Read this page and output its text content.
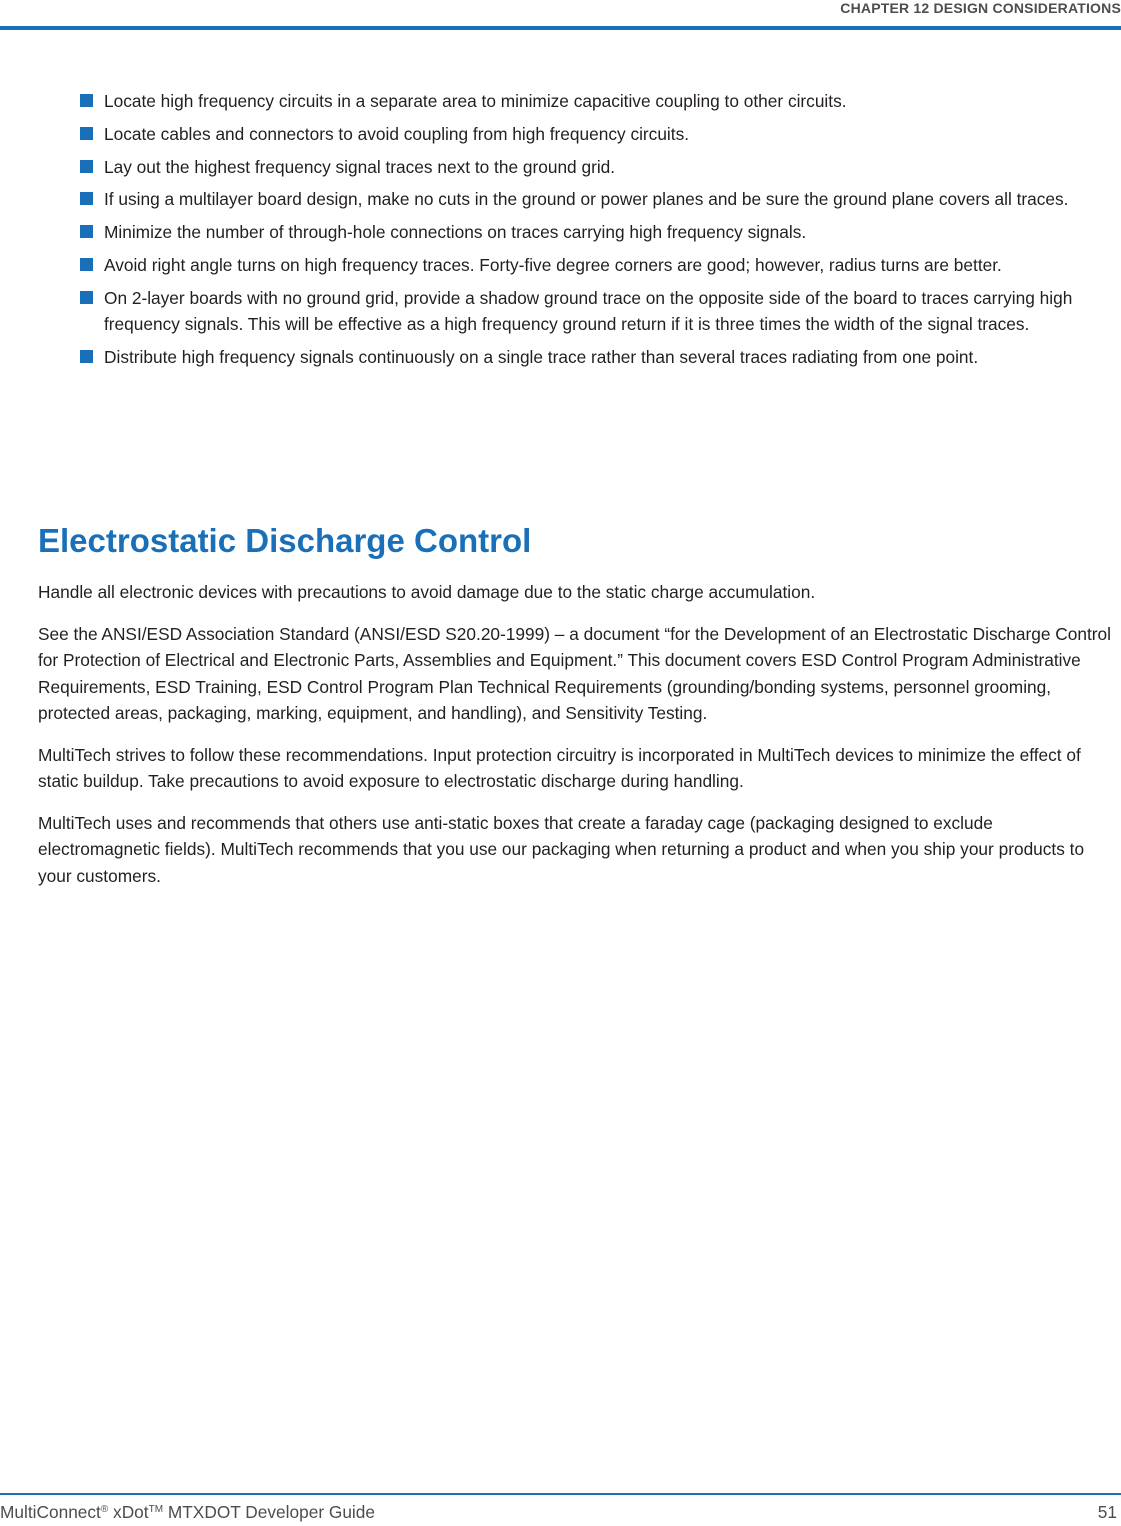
CHAPTER 12 DESIGN CONSIDERATIONS
Locate high frequency circuits in a separate area to minimize capacitive coupling to other circuits.
Locate cables and connectors to avoid coupling from high frequency circuits.
Lay out the highest frequency signal traces next to the ground grid.
If using a multilayer board design, make no cuts in the ground or power planes and be sure the ground plane covers all traces.
Minimize the number of through-hole connections on traces carrying high frequency signals.
Avoid right angle turns on high frequency traces. Forty-five degree corners are good; however, radius turns are better.
On 2-layer boards with no ground grid, provide a shadow ground trace on the opposite side of the board to traces carrying high frequency signals. This will be effective as a high frequency ground return if it is three times the width of the signal traces.
Distribute high frequency signals continuously on a single trace rather than several traces radiating from one point.
Electrostatic Discharge Control

Handle all electronic devices with precautions to avoid damage due to the static charge accumulation.

See the ANSI/ESD Association Standard (ANSI/ESD S20.20-1999) – a document “for the Development of an Electrostatic Discharge Control for Protection of Electrical and Electronic Parts, Assemblies and Equipment.” This document covers ESD Control Program Administrative Requirements, ESD Training, ESD Control Program Plan Technical Requirements (grounding/bonding systems, personnel grooming, protected areas, packaging, marking, equipment, and handling), and Sensitivity Testing.

MultiTech strives to follow these recommendations. Input protection circuitry is incorporated in MultiTech devices to minimize the effect of static buildup. Take precautions to avoid exposure to electrostatic discharge during handling.

MultiTech uses and recommends that others use anti-static boxes that create a faraday cage (packaging designed to exclude electromagnetic fields). MultiTech recommends that you use our packaging when returning a product and when you ship your products to your customers.

MultiConnect® xDot™ MTXDOT Developer Guide	51
